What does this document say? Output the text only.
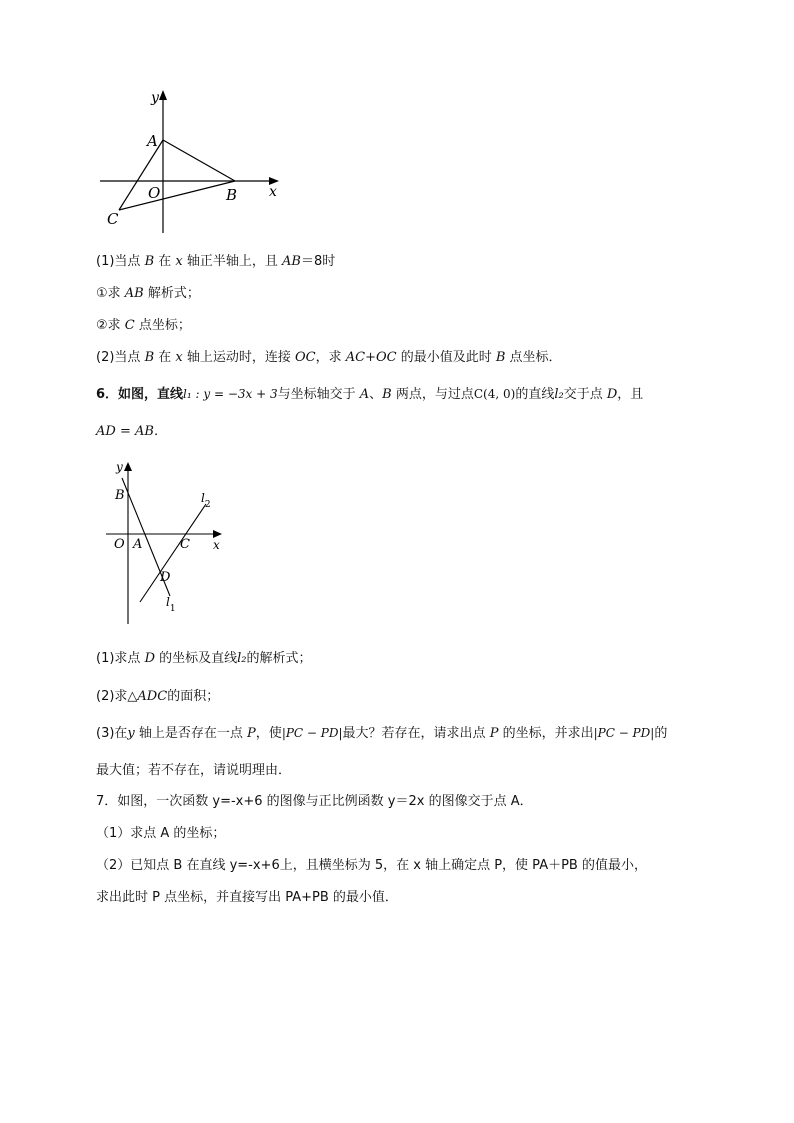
y
A
O	B x
C
(1)当点 B 在 x 轴正半轴上，且 AB＝8时
①求 AB 解析式；
②求 C 点坐标；
(2)当点 B 在 x 轴上运动时，连接 OC，求 AC+OC 的最小值及此时 B 点坐标．
6．如图，直线l₁ : y = −3x + 3与坐标轴交于 A、B 两点，与过点C(4, 0)的直线l₂交于点 D，且
AD = AB．
y
B	$l_2$
O A	C x
D
$l_1$
(1)求点 D 的坐标及直线l₂的解析式；
(2)求△ADC的面积；
(3)在y 轴上是否存在一点 P，使|PC − PD|最大？若存在，请求出点 P 的坐标，并求出|PC − PD|的
最大值；若不存在，请说明理由．
7．如图，一次函数 y=-x+6 的图像与正比例函数 y＝2x 的图像交于点 A．
（1）求点 A 的坐标；
（2）已知点 B 在直线 y=-x+6上，且横坐标为 5，在 x 轴上确定点 P，使 PA＋PB 的值最小，
求出此时 P 点坐标，并直接写出 PA+PB 的最小值．
